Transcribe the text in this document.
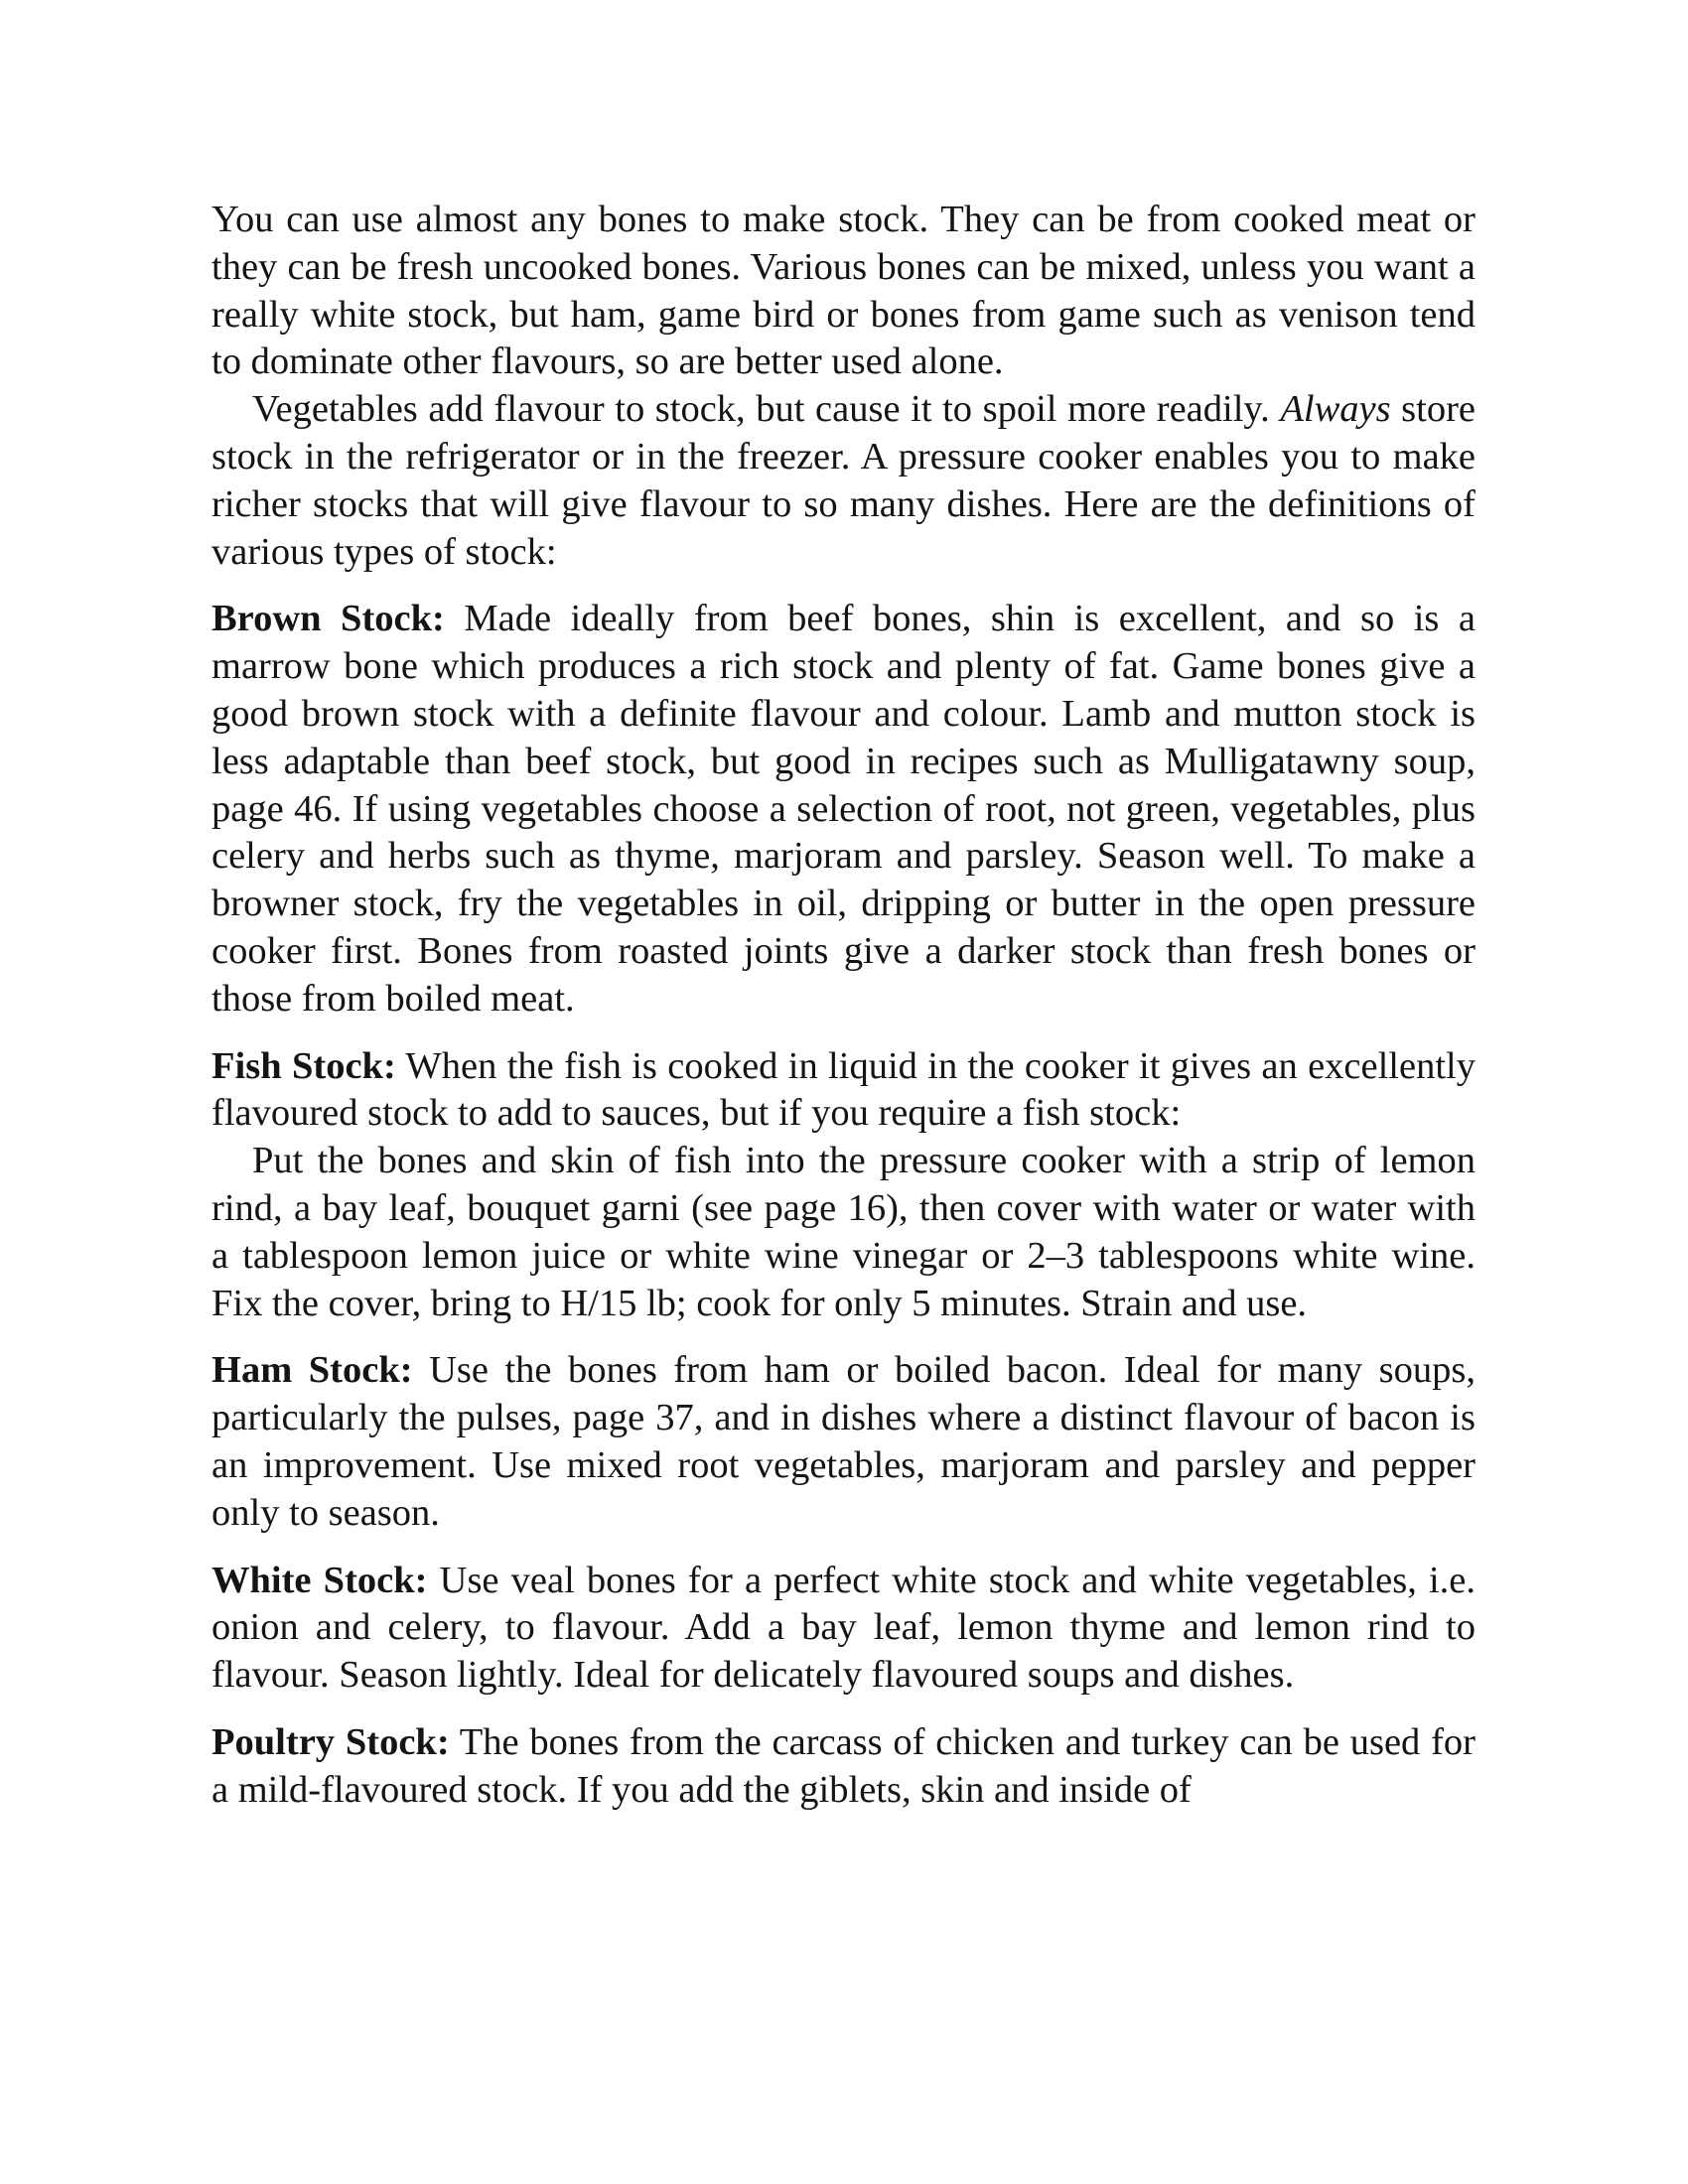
You can use almost any bones to make stock. They can be from cooked meat or they can be fresh uncooked bones. Various bones can be mixed, unless you want a really white stock, but ham, game bird or bones from game such as venison tend to dominate other flavours, so are better used alone.

Vegetables add flavour to stock, but cause it to spoil more readily. Always store stock in the refrigerator or in the freezer. A pressure cooker enables you to make richer stocks that will give flavour to so many dishes. Here are the definitions of various types of stock:

Brown Stock: Made ideally from beef bones, shin is excellent, and so is a marrow bone which produces a rich stock and plenty of fat. Game bones give a good brown stock with a definite flavour and colour. Lamb and mutton stock is less adaptable than beef stock, but good in recipes such as Mulligatawny soup, page 46. If using vegetables choose a selection of root, not green, vegetables, plus celery and herbs such as thyme, marjoram and parsley. Season well. To make a browner stock, fry the vegetables in oil, dripping or butter in the open pressure cooker first. Bones from roasted joints give a darker stock than fresh bones or those from boiled meat.

Fish Stock: When the fish is cooked in liquid in the cooker it gives an excellently flavoured stock to add to sauces, but if you require a fish stock:

Put the bones and skin of fish into the pressure cooker with a strip of lemon rind, a bay leaf, bouquet garni (see page 16), then cover with water or water with a tablespoon lemon juice or white wine vinegar or 2–3 tablespoons white wine. Fix the cover, bring to H/15 lb; cook for only 5 minutes. Strain and use.

Ham Stock: Use the bones from ham or boiled bacon. Ideal for many soups, particularly the pulses, page 37, and in dishes where a distinct flavour of bacon is an improvement. Use mixed root vegetables, marjoram and parsley and pepper only to season.

White Stock: Use veal bones for a perfect white stock and white vegetables, i.e. onion and celery, to flavour. Add a bay leaf, lemon thyme and lemon rind to flavour. Season lightly. Ideal for delicately flavoured soups and dishes.

Poultry Stock: The bones from the carcass of chicken and turkey can be used for a mild-flavoured stock. If you add the giblets, skin and inside of
